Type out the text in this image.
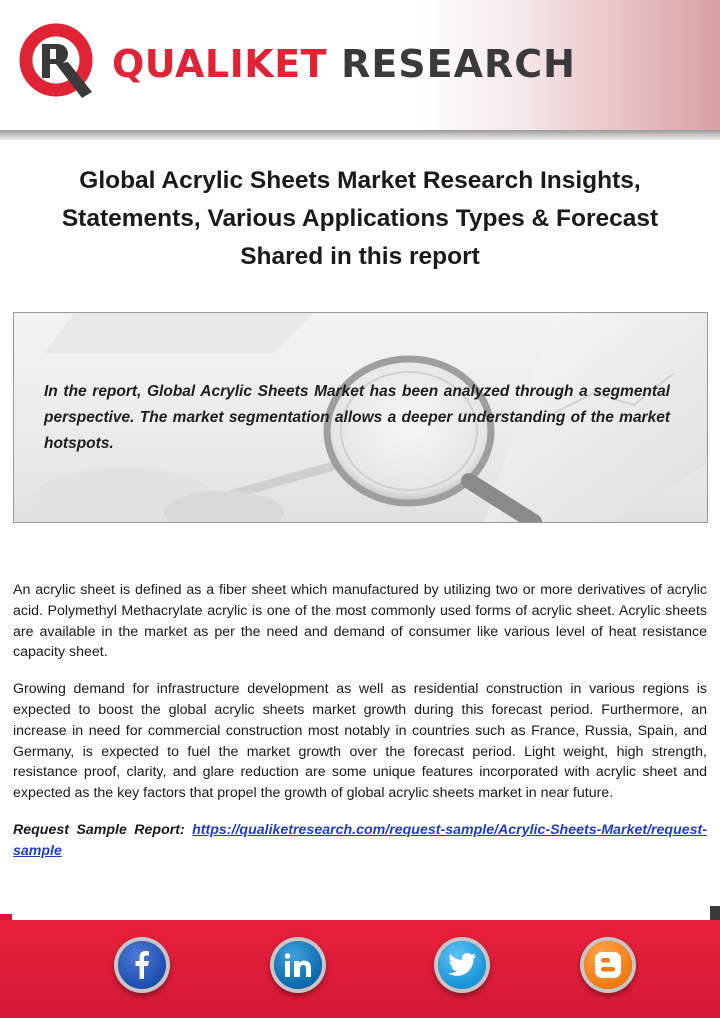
QUALIKET RESEARCH
Global Acrylic Sheets Market Research Insights, Statements, Various Applications Types & Forecast Shared in this report
In the report, Global Acrylic Sheets Market has been analyzed through a segmental perspective. The market segmentation allows a deeper understanding of the market hotspots.

An acrylic sheet is defined as a fiber sheet which manufactured by utilizing two or more derivatives of acrylic acid. Polymethyl Methacrylate acrylic is one of the most commonly used forms of acrylic sheet. Acrylic sheets are available in the market as per the need and demand of consumer like various level of heat resistance capacity sheet.

Growing demand for infrastructure development as well as residential construction in various regions is expected to boost the global acrylic sheets market growth during this forecast period. Furthermore, an increase in need for commercial construction most notably in countries such as France, Russia, Spain, and Germany, is expected to fuel the market growth over the forecast period. Light weight, high strength, resistance proof, clarity, and glare reduction are some unique features incorporated with acrylic sheet and expected as the key factors that propel the growth of global acrylic sheets market in near future.

Request Sample Report: https://qualiketresearch.com/request-sample/Acrylic-Sheets-Market/request-sample
